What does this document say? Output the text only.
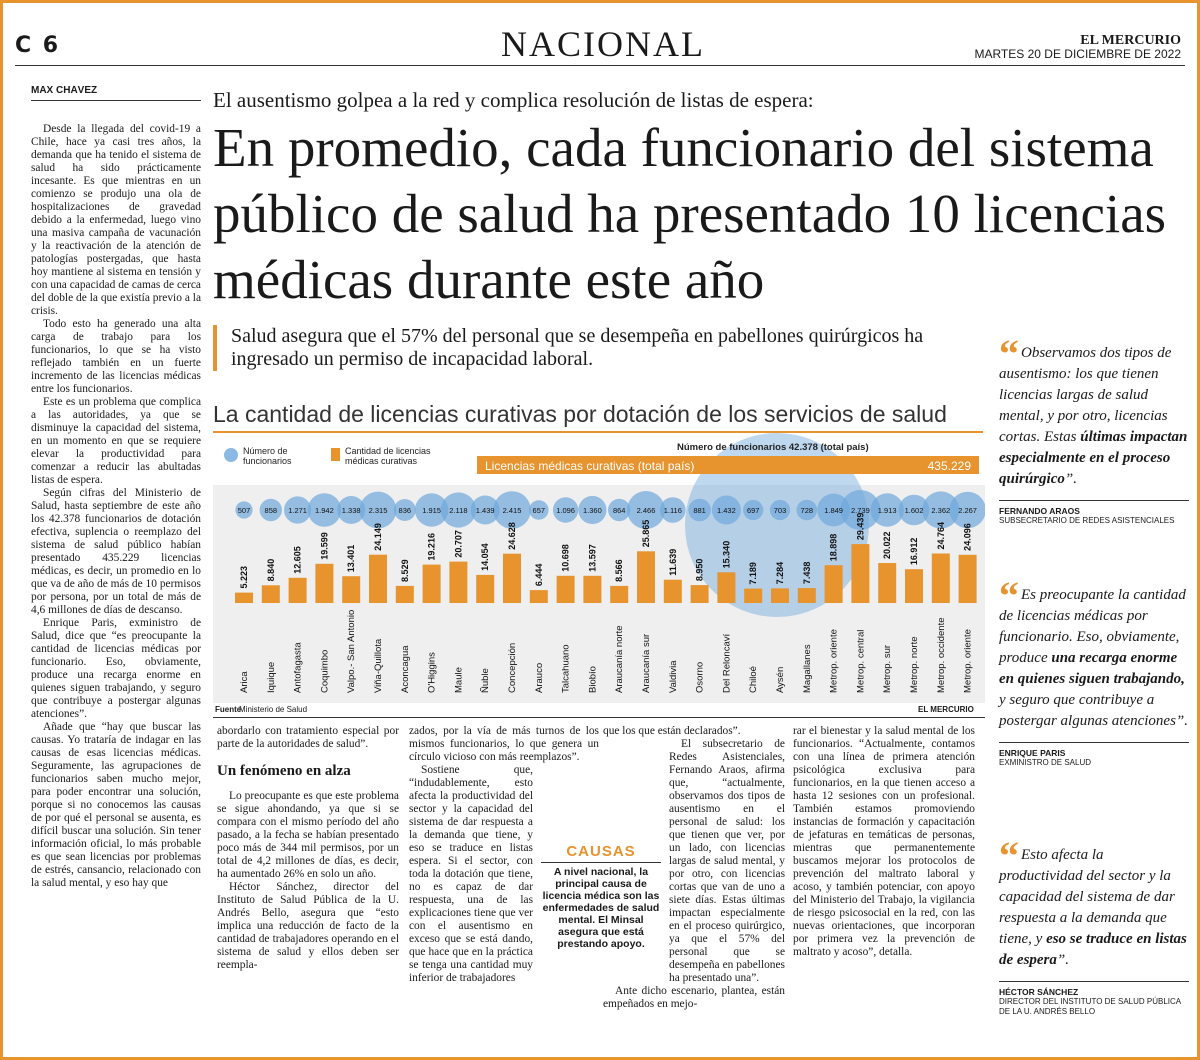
C 6	NACIONAL	EL MERCURIO
MARTES 20 DE DICIEMBRE DE 2022
MAX CHÁVEZ

Desde la llegada del covid-19 a Chile, hace ya casi tres años, la demanda que ha tenido el sistema de salud ha sido prácticamente incesante. Es que mientras en un comienzo se produjo una ola de hospitalizaciones de gravedad debido a la enfermedad, luego vino una masiva campaña de vacunación y la reactivación de la atención de patologías postergadas, que hasta hoy mantiene al sistema en tensión y con una capacidad de camas de cerca del doble de la que existía previo a la crisis.

Todo esto ha generado una alta carga de trabajo para los funcionarios, lo que se ha visto reflejado también en un fuerte incremento de las licencias médicas entre los funcionarios.

Este es un problema que complica a las autoridades, ya que se disminuye la capacidad del sistema, en un momento en que se requiere elevar la productividad para comenzar a reducir las abultadas listas de espera.

Según cifras del Ministerio de Salud, hasta septiembre de este año los 42.378 funcionarios de dotación efectiva, suplencia o reemplazo del sistema de salud público habían presentado 435.229 licencias médicas, es decir, un promedio en lo que va de año de más de 10 permisos por persona, por un total de más de 4,6 millones de días de descanso.

Enrique Paris, exministro de Salud, dice que “es preocupante la cantidad de licencias médicas por funcionario. Eso, obviamente, produce una recarga enorme en quienes siguen trabajando, y seguro que contribuye a postergar algunas atenciones”.

Añade que “hay que buscar las causas. Yo trataría de indagar en las causas de esas licencias médicas. Seguramente, las agrupaciones de funcionarios saben mucho mejor, para poder encontrar una solución, porque si no conocemos las causas de por qué el personal se ausenta, es difícil buscar una solución. Sin tener información oficial, lo más probable es que sean licencias por problemas de estrés, cansancio, relacionado con la salud mental, y eso hay que

El ausentismo golpea a la red y complica resolución de listas de espera:
En promedio, cada funcionario del sistema público de salud ha presentado 10 licencias médicas durante este año
Salud asegura que el 57% del personal que se desempeña en pabellones quirúrgicos ha ingresado un permiso de incapacidad laboral.
La cantidad de licencias curativas por dotación de los servicios de salud
507
5.223
Arica
858
8.840
Iquique
1.271
12.605
Antofagasta
1.942
19.599
Coquimbo
1.338
13.401
Valpo.- San Antonio
2.315
24.149
Viña-Quillota
836
8.529
Aconcagua
1.915
19.216
O'Higgins
2.118
20.707
Maule
1.439
14.054
Ñuble
2.415
24.628
Concepción
657
6.444
Arauco
1.096
10.698
Talcahuano
1.360
13.597
Biobío
864
8.566
Araucanía norte
2.466
25.865
Araucanía sur
1.116
11.639
Valdivia
881
8.950
Osorno
1.432
15.340
Del Reloncaví
697
7.189
Chiloé
703
7.284
Aysén
728
7.438
Magallanes
1.849
18.898
Metrop. oriente
2.739
29.439
Metrop. central
1.913
20.022
Metrop. sur
1.602
16.912
Metrop. norte
2.362
24.764
Metrop. occidente
2.267
24.096
Metrop. oriente
Número de funcionarios
Cantidad de licencias médicas curativas
Número de funcionarios 42.378 (total país)
Licencias médicas curativas (total país)	435.229
Fuente
Ministerio de Salud	EL MERCURIO

abordarlo con tratamiento especial por parte de la autoridades de salud”.

Un fenómeno en alza

Lo preocupante es que este problema se sigue ahondando, ya que si se compara con el mismo período del año pasado, a la fecha se habían presentado poco más de 344 mil permisos, por un total de 4,2 millones de días, es decir, ha aumentado 26% en solo un año.

Héctor Sánchez, director del Instituto de Salud Pública de la U. Andrés Bello, asegura que “esto implica una reducción de facto de la cantidad de trabajadores operando en el sistema de salud y ellos deben ser reempla-

zados, por la vía de más turnos de los mismos funcionarios, lo que genera un círculo vicioso con más reemplazos”.

Sostiene que, “indudablemente, esto afecta la productividad del sector y la capacidad del sistema de dar respuesta a la demanda que tiene, y eso se traduce en listas espera. Si el sector, con toda la dotación que tiene, no es capaz de dar respuesta, una de las explicaciones tiene que ver con el ausentismo en exceso que se está dando, que hace que en la práctica se tenga una cantidad muy inferior de trabajadores

que los que están declarados”.

El subsecretario de Redes Asistenciales, Fernando Araos, afirma que, “actualmente, observamos dos tipos de ausentismo en el personal de salud: los que tienen que ver, por un lado, con licencias largas de salud mental, y por otro, con licencias cortas que van de uno a siete días. Estas últimas impactan especialmente en el proceso quirúrgico, ya que el 57% del personal que se desempeña en pabellones ha presentado una”.

Ante dicho escenario, plantea, están empeñados en mejo-

rar el bienestar y la salud mental de los funcionarios. “Actualmente, contamos con una línea de primera atención psicológica exclusiva para funcionarios, en la que tienen acceso a hasta 12 sesiones con un profesional. También estamos promoviendo instancias de formación y capacitación de jefaturas en temáticas de personas, mientras que permanentemente buscamos mejorar los protocolos de prevención del maltrato laboral y acoso, y también potenciar, con apoyo del Ministerio del Trabajo, la vigilancia de riesgo psicosocial en la red, con las nuevas orientaciones, que incorporan por primera vez la prevención de maltrato y acoso”, detalla.

CAUSAS
A nivel nacional, la principal causa de licencia médica son las enfermedades de salud mental. El Minsal asegura que está prestando apoyo.
“ Observamos dos tipos de ausentismo: los que tienen licencias largas de salud mental, y por otro, licencias cortas. Estas últimas impactan especialmente en el proceso quirúrgico”.
FERNANDO ARAOS
SUBSECRETARIO DE REDES ASISTENCIALES
“ Es preocupante la cantidad de licencias médicas por funcionario. Eso, obviamente, produce una recarga enorme en quienes siguen trabajando, y seguro que contribuye a postergar algunas atenciones”.
ENRIQUE PARIS
EXMINISTRO DE SALUD
“ Esto afecta la productividad del sector y la capacidad del sistema de dar respuesta a la demanda que tiene, y eso se traduce en listas de espera”.
HÉCTOR SÁNCHEZ
DIRECTOR DEL INSTITUTO DE SALUD PÚBLICA DE LA U. ANDRÉS BELLO
